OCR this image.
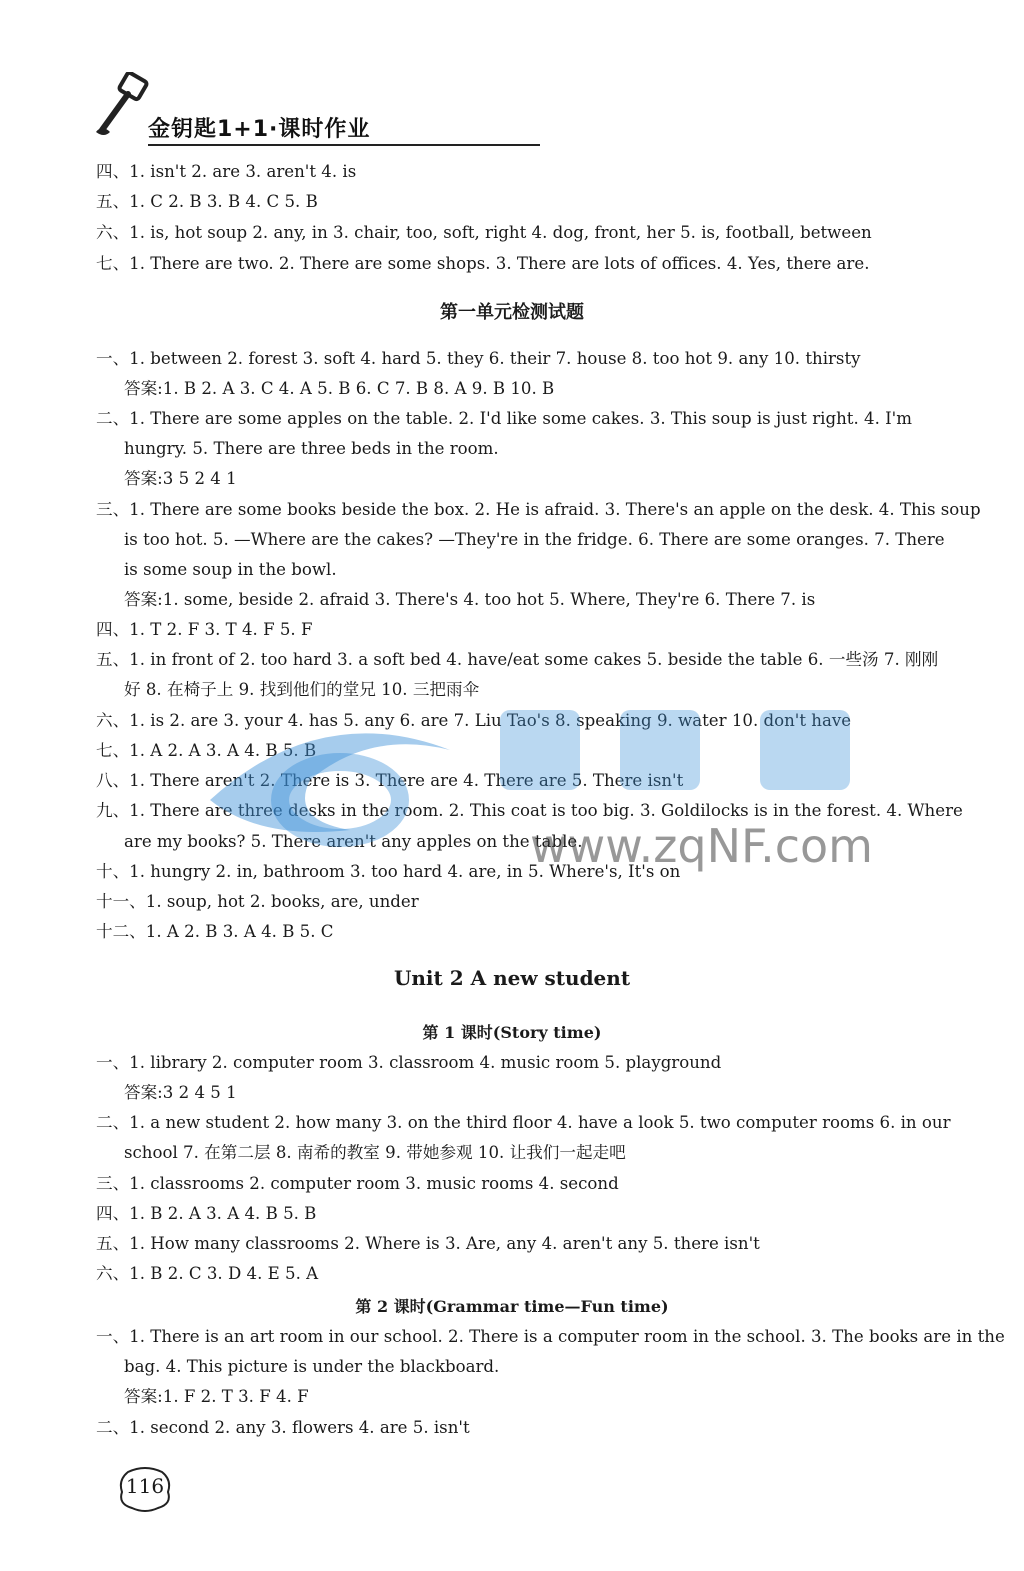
金钥匙1+1·课时作业
四、1. isn't 2. are 3. aren't 4. is
五、1. C 2. B 3. B 4. C 5. B
六、1. is, hot soup 2. any, in 3. chair, too, soft, right 4. dog, front, her 5. is, football, between
七、1. There are two. 2. There are some shops. 3. There are lots of offices. 4. Yes, there are.
第一单元检测试题
一、1. between 2. forest 3. soft 4. hard 5. they 6. their 7. house 8. too hot 9. any 10. thirsty
答案:1. B 2. A 3. C 4. A 5. B 6. C 7. B 8. A 9. B 10. B
二、1. There are some apples on the table. 2. I'd like some cakes. 3. This soup is just right. 4. I'm
hungry. 5. There are three beds in the room.
答案:3 5 2 4 1
三、1. There are some books beside the box. 2. He is afraid. 3. There's an apple on the desk. 4. This soup
is too hot. 5. —Where are the cakes? —They're in the fridge. 6. There are some oranges. 7. There
is some soup in the bowl.
答案:1. some, beside 2. afraid 3. There's 4. too hot 5. Where, They're 6. There 7. is
四、1. T 2. F 3. T 4. F 5. F
五、1. in front of 2. too hard 3. a soft bed 4. have/eat some cakes 5. beside the table 6. 一些汤 7. 刚刚
好 8. 在椅子上 9. 找到他们的堂兄 10. 三把雨伞
六、1. is 2. are 3. your 4. has 5. any 6. are 7. Liu Tao's 8. speaking 9. water 10. don't have
七、1. A 2. A 3. A 4. B 5. B
八、1. There aren't 2. There is 3. There are 4. There are 5. There isn't
九、1. There are three desks in the room. 2. This coat is too big. 3. Goldilocks is in the forest. 4. Where
are my books? 5. There aren't any apples on the table.
十、1. hungry 2. in, bathroom 3. too hard 4. are, in 5. Where's, It's on
十一、1. soup, hot 2. books, are, under
十二、1. A 2. B 3. A 4. B 5. C
Unit 2 A new student
第 1 课时(Story time)
一、1. library 2. computer room 3. classroom 4. music room 5. playground
答案:3 2 4 5 1
二、1. a new student 2. how many 3. on the third floor 4. have a look 5. two computer rooms 6. in our
school 7. 在第二层 8. 南希的教室 9. 带她参观 10. 让我们一起走吧
三、1. classrooms 2. computer room 3. music rooms 4. second
四、1. B 2. A 3. A 4. B 5. B
五、1. How many classrooms 2. Where is 3. Are, any 4. aren't any 5. there isn't
六、1. B 2. C 3. D 4. E 5. A
第 2 课时(Grammar time—Fun time)
一、1. There is an art room in our school. 2. There is a computer room in the school. 3. The books are in the
bag. 4. This picture is under the blackboard.
答案:1. F 2. T 3. F 4. F
二、1. second 2. any 3. flowers 4. are 5. isn't
www.zqNF.com
116
